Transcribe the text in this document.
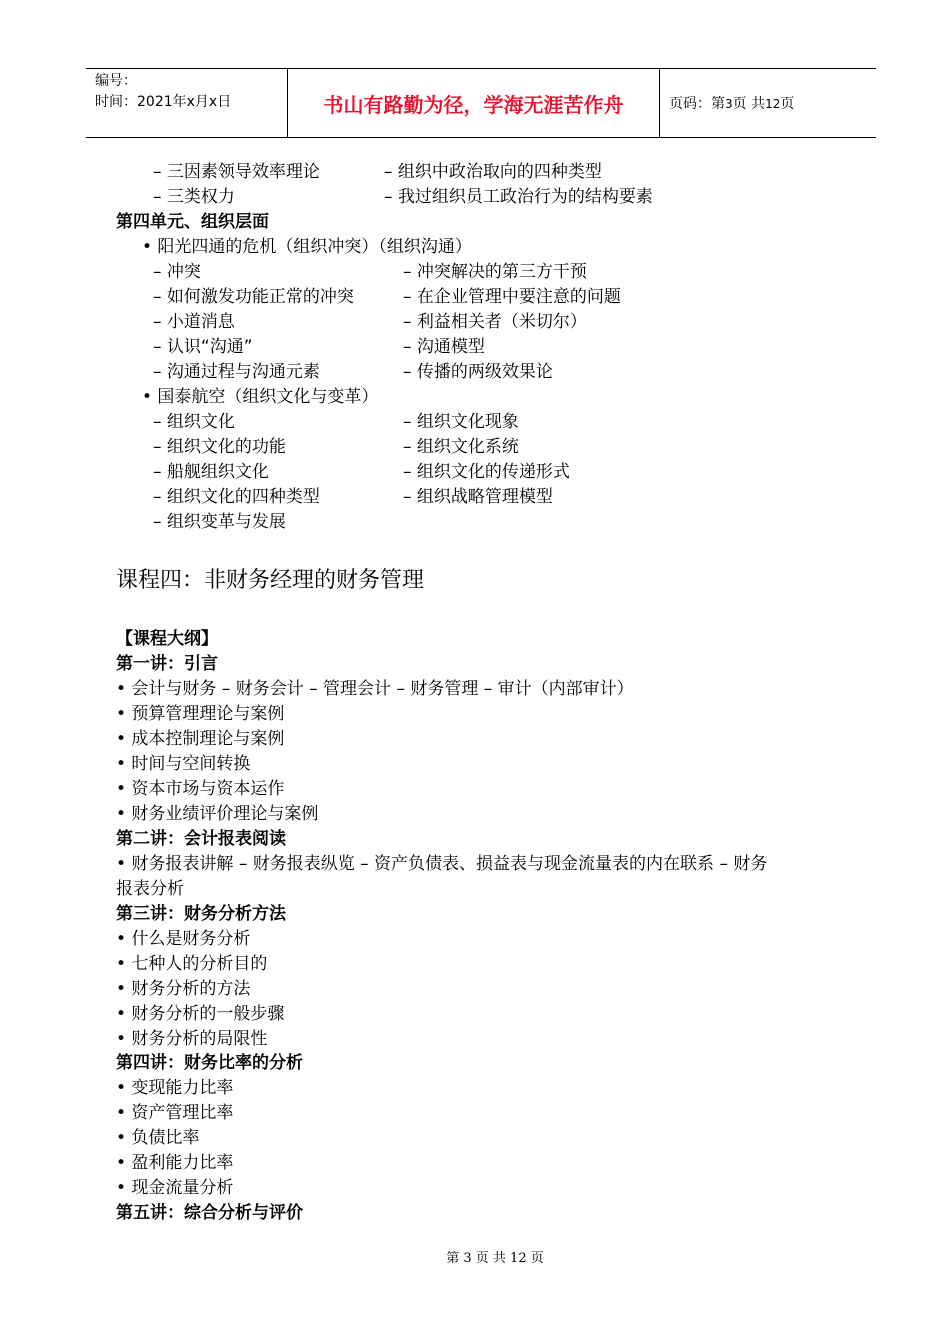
编号：
时间：2021年x月x日	书山有路勤为径，学海无涯苦作舟	页码：第3页 共12页
– 三因素领导效率理论	– 组织中政治取向的四种类型
– 三类权力	– 我过组织员工政治行为的结构要素
第四单元、组织层面
• 阳光四通的危机（组织冲突）（组织沟通）
– 冲突	– 冲突解决的第三方干预
– 如何激发功能正常的冲突	– 在企业管理中要注意的问题
– 小道消息	– 利益相关者（米切尔）
– 认识“沟通”	– 沟通模型
– 沟通过程与沟通元素	– 传播的两级效果论
• 国泰航空（组织文化与变革）
– 组织文化	– 组织文化现象
– 组织文化的功能	– 组织文化系统
– 船舰组织文化	– 组织文化的传递形式
– 组织文化的四种类型	– 组织战略管理模型
– 组织变革与发展
课程四：非财务经理的财务管理
【课程大纲】
第一讲：引言
• 会计与财务 – 财务会计 – 管理会计 – 财务管理 – 审计（内部审计）
• 预算管理理论与案例
• 成本控制理论与案例
• 时间与空间转换
• 资本市场与资本运作
• 财务业绩评价理论与案例
第二讲：会计报表阅读
• 财务报表讲解 – 财务报表纵览 – 资产负债表、损益表与现金流量表的内在联系 – 财务
报表分析
第三讲：财务分析方法
• 什么是财务分析
• 七种人的分析目的
• 财务分析的方法
• 财务分析的一般步骤
• 财务分析的局限性
第四讲：财务比率的分析
• 变现能力比率
• 资产管理比率
• 负债比率
• 盈利能力比率
• 现金流量分析
第五讲：综合分析与评价
第 3 页 共 12 页
